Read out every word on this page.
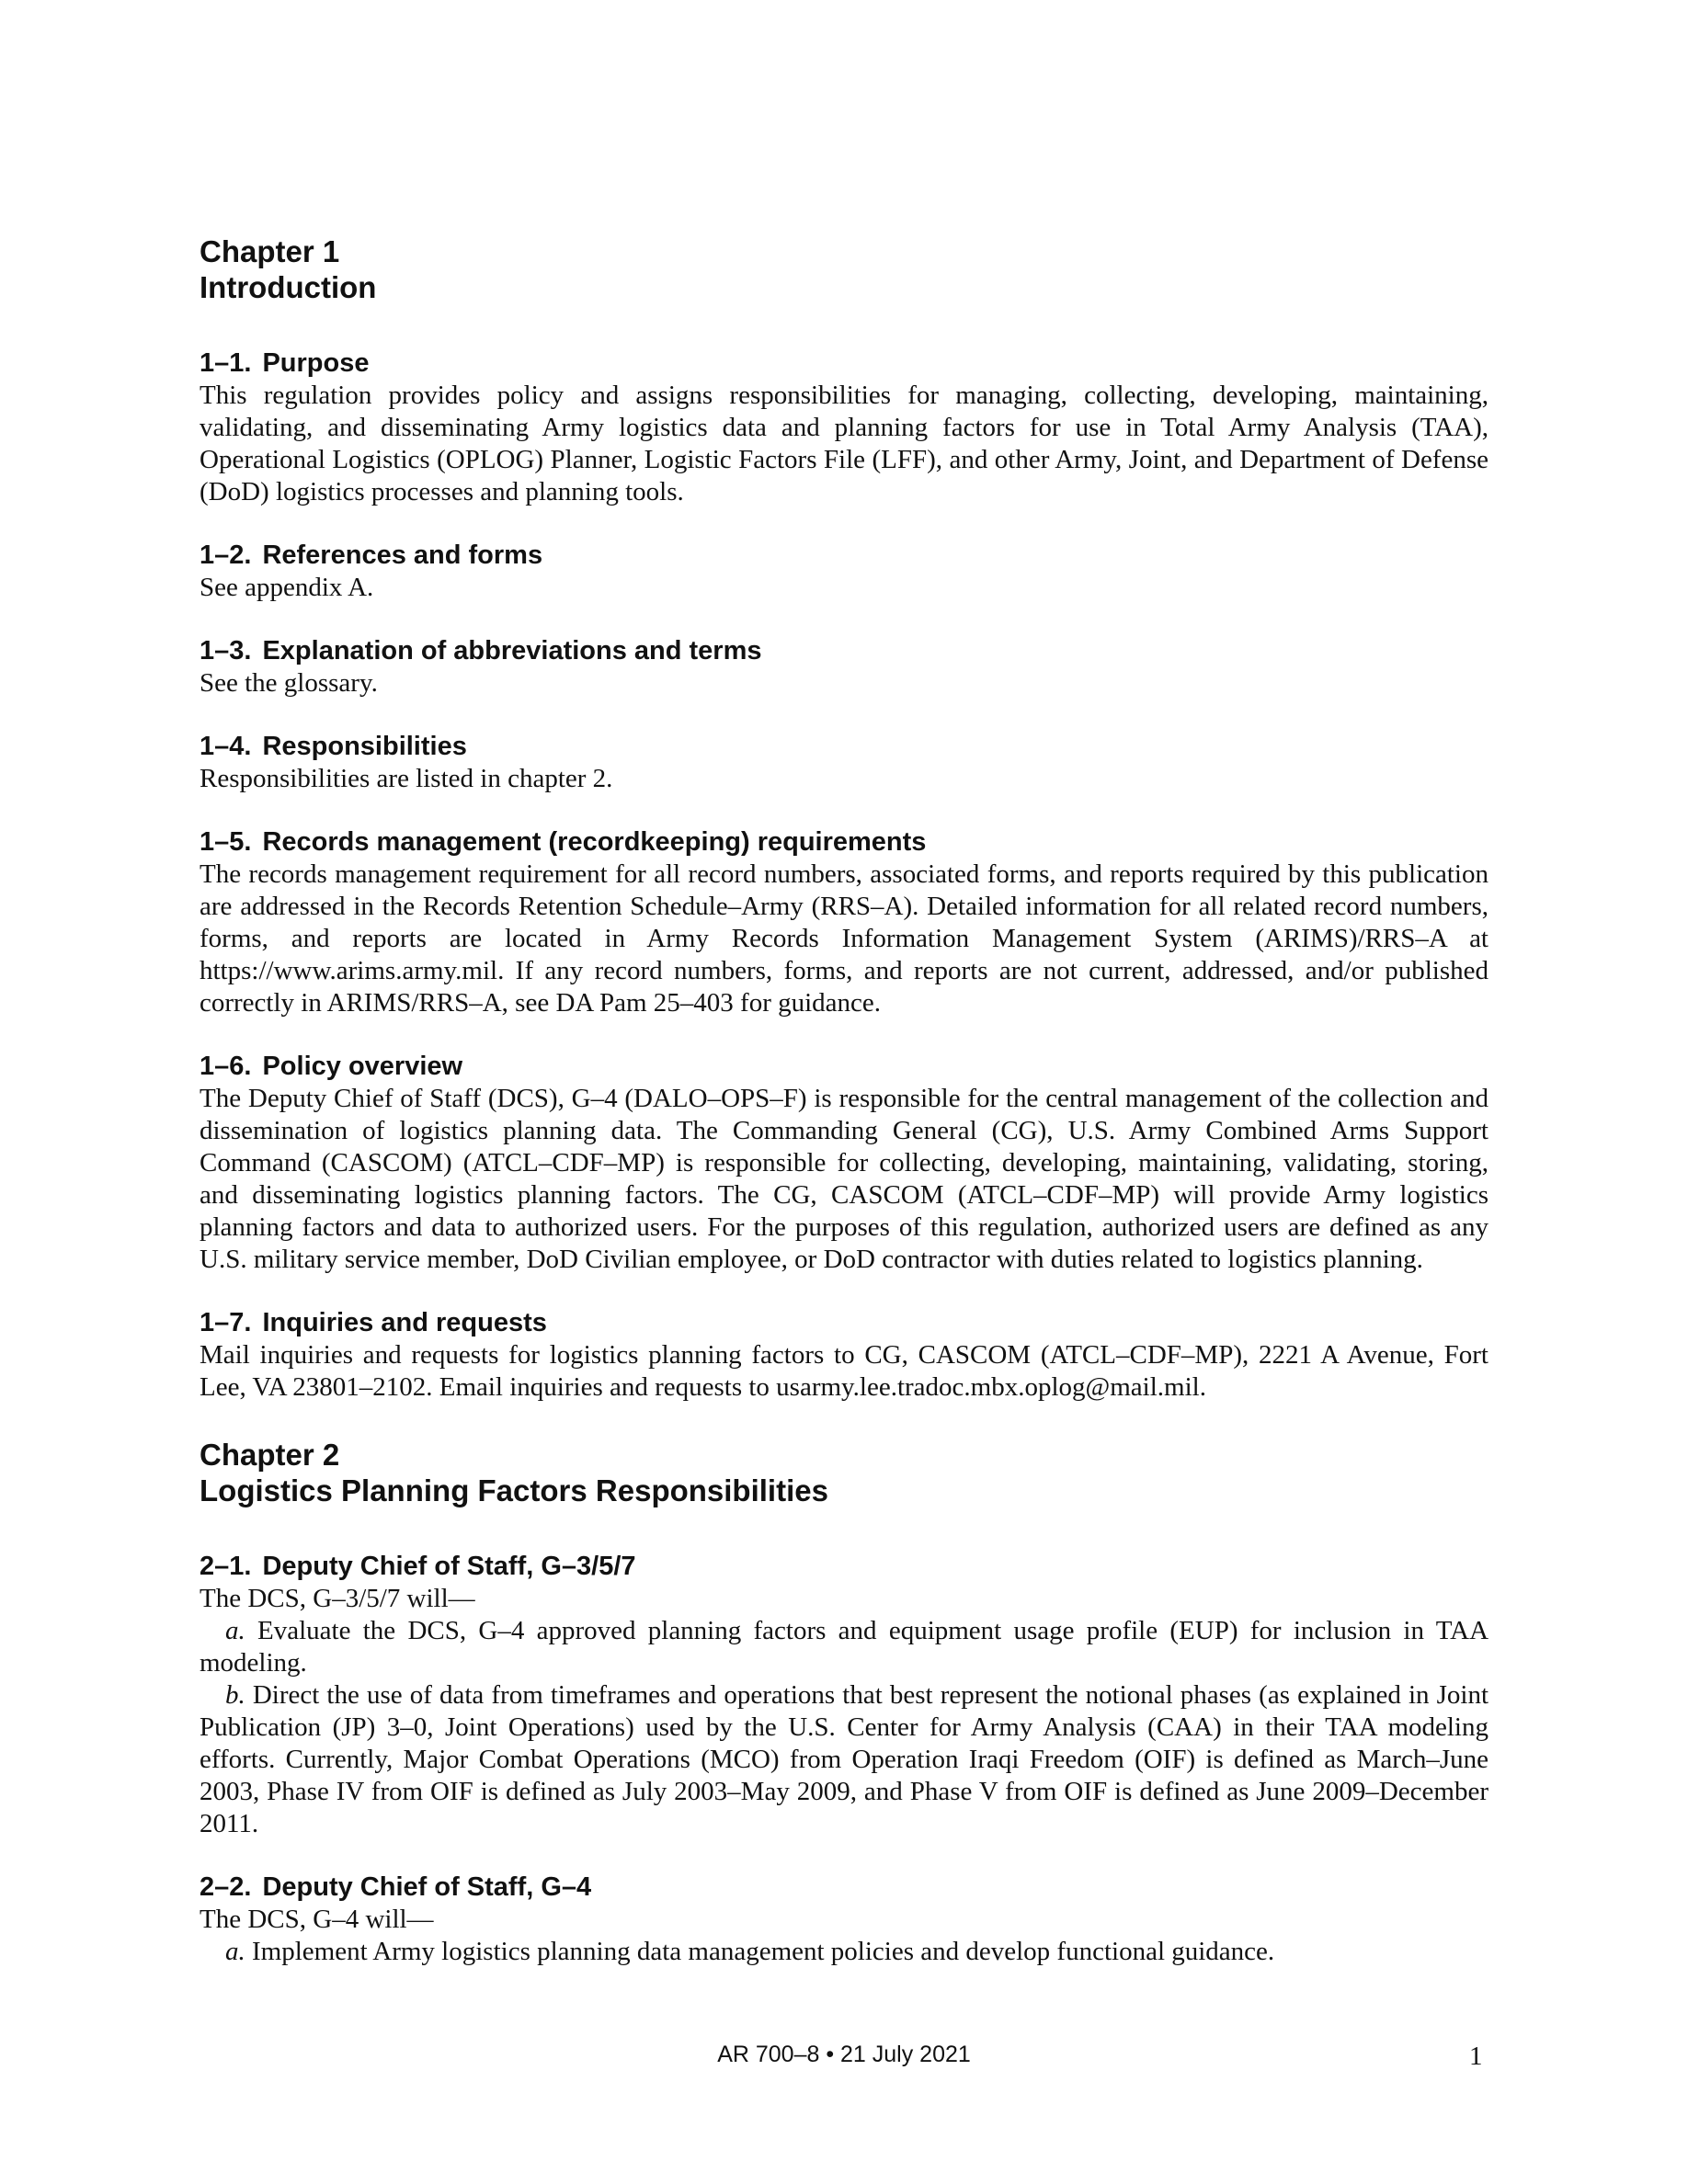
Chapter 1
Introduction
1–1. Purpose

This regulation provides policy and assigns responsibilities for managing, collecting, developing, maintaining, validating, and disseminating Army logistics data and planning factors for use in Total Army Analysis (TAA), Operational Logistics (OPLOG) Planner, Logistic Factors File (LFF), and other Army, Joint, and Department of Defense (DoD) logistics processes and planning tools.

1–2. References and forms

See appendix A.

1–3. Explanation of abbreviations and terms

See the glossary.

1–4. Responsibilities

Responsibilities are listed in chapter 2.

1–5. Records management (recordkeeping) requirements

The records management requirement for all record numbers, associated forms, and reports required by this publication are addressed in the Records Retention Schedule–Army (RRS–A). Detailed information for all related record numbers, forms, and reports are located in Army Records Information Management System (ARIMS)/RRS–A at https://www.arims.army.mil. If any record numbers, forms, and reports are not current, addressed, and/or published correctly in ARIMS/RRS–A, see DA Pam 25–403 for guidance.

1–6. Policy overview

The Deputy Chief of Staff (DCS), G–4 (DALO–OPS–F) is responsible for the central management of the collection and dissemination of logistics planning data. The Commanding General (CG), U.S. Army Combined Arms Support Command (CASCOM) (ATCL–CDF–MP) is responsible for collecting, developing, maintaining, validating, storing, and disseminating logistics planning factors. The CG, CASCOM (ATCL–CDF–MP) will provide Army logistics planning factors and data to authorized users. For the purposes of this regulation, authorized users are defined as any U.S. military service member, DoD Civilian employee, or DoD contractor with duties related to logistics planning.

1–7. Inquiries and requests

Mail inquiries and requests for logistics planning factors to CG, CASCOM (ATCL–CDF–MP), 2221 A Avenue, Fort Lee, VA 23801–2102. Email inquiries and requests to usarmy.lee.tradoc.mbx.oplog@mail.mil.

Chapter 2
Logistics Planning Factors Responsibilities
2–1. Deputy Chief of Staff, G–3/5/7

The DCS, G–3/5/7 will—

a. Evaluate the DCS, G–4 approved planning factors and equipment usage profile (EUP) for inclusion in TAA modeling.

b. Direct the use of data from timeframes and operations that best represent the notional phases (as explained in Joint Publication (JP) 3–0, Joint Operations) used by the U.S. Center for Army Analysis (CAA) in their TAA modeling efforts. Currently, Major Combat Operations (MCO) from Operation Iraqi Freedom (OIF) is defined as March–June 2003, Phase IV from OIF is defined as July 2003–May 2009, and Phase V from OIF is defined as June 2009–December 2011.

2–2. Deputy Chief of Staff, G–4

The DCS, G–4 will—

a. Implement Army logistics planning data management policies and develop functional guidance.

AR 700–8 • 21 July 2021	1
